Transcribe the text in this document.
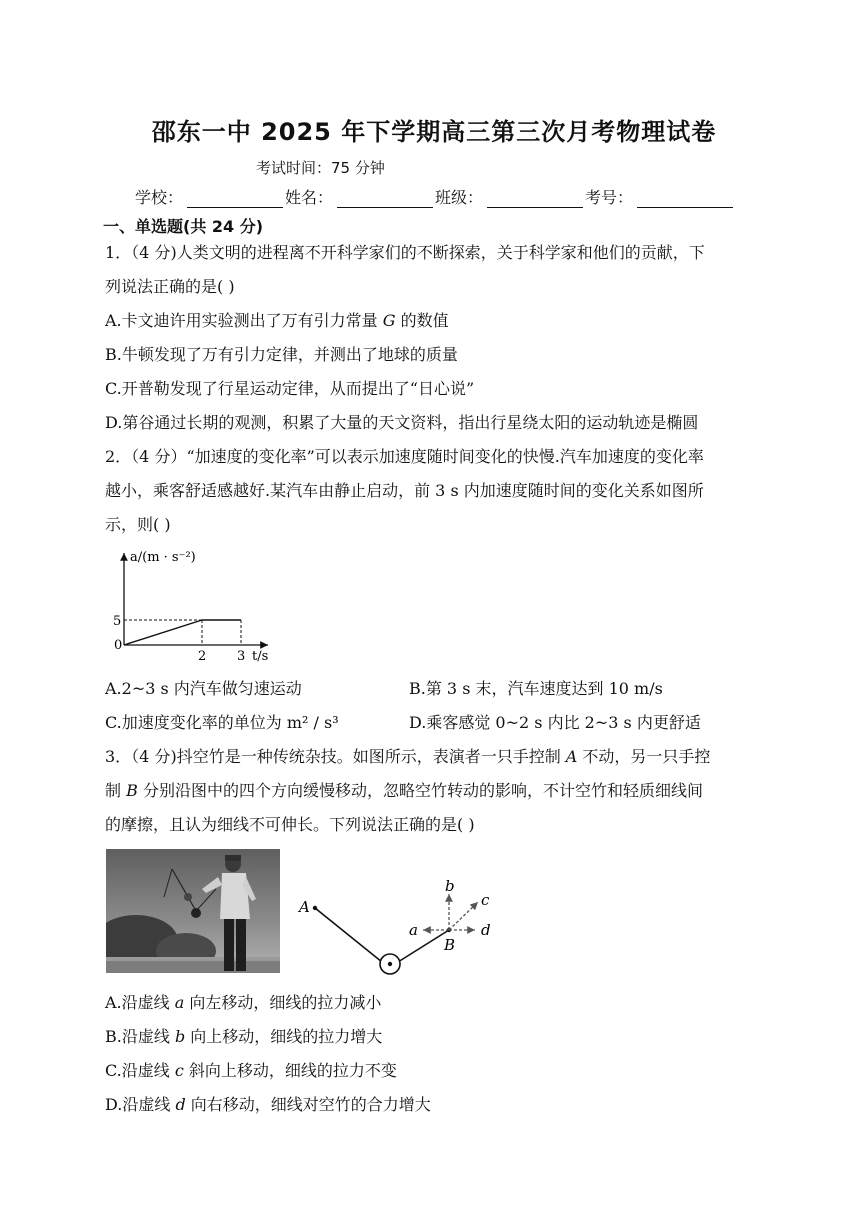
邵东一中 2025 年下学期高三第三次月考物理试卷
考试时间：75 分钟
学校：	姓名：	班级：	考号：
一、单选题(共 24 分)
1．（4 分)人类文明的进程离不开科学家们的不断探索，关于科学家和他们的贡献，下
列说法正确的是( )
A.卡文迪许用实验测出了万有引力常量 G 的数值
B.牛顿发现了万有引力定律，并测出了地球的质量
C.开普勒发现了行星运动定律，从而提出了“日心说”
D.第谷通过长期的观测，积累了大量的天文资料，指出行星绕太阳的运动轨迹是椭圆
2．（4 分）“加速度的变化率”可以表示加速度随时间变化的快慢.汽车加速度的变化率
越小，乘客舒适感越好.某汽车由静止启动，前 3 s 内加速度随时间的变化关系如图所
示，则( )
a/(m · s⁻²)
t/s
0
2 3
5
A.2~3 s 内汽车做匀速运动	B.第 3 s 末，汽车速度达到 10 m/s
C.加速度变化率的单位为 m² / s³	D.乘客感觉 0~2 s 内比 2~3 s 内更舒适
3．（4 分)抖空竹是一种传统杂技。如图所示，表演者一只手控制 A 不动，另一只手控
制 B 分别沿图中的四个方向缓慢移动，忽略空竹转动的影响，不计空竹和轻质细线间
的摩擦，且认为细线不可伸长。下列说法正确的是( )
A
B
a
b
c
d
A.沿虚线 a 向左移动，细线的拉力减小
B.沿虚线 b 向上移动，细线的拉力增大
C.沿虚线 c 斜向上移动，细线的拉力不变
D.沿虚线 d 向右移动，细线对空竹的合力增大
